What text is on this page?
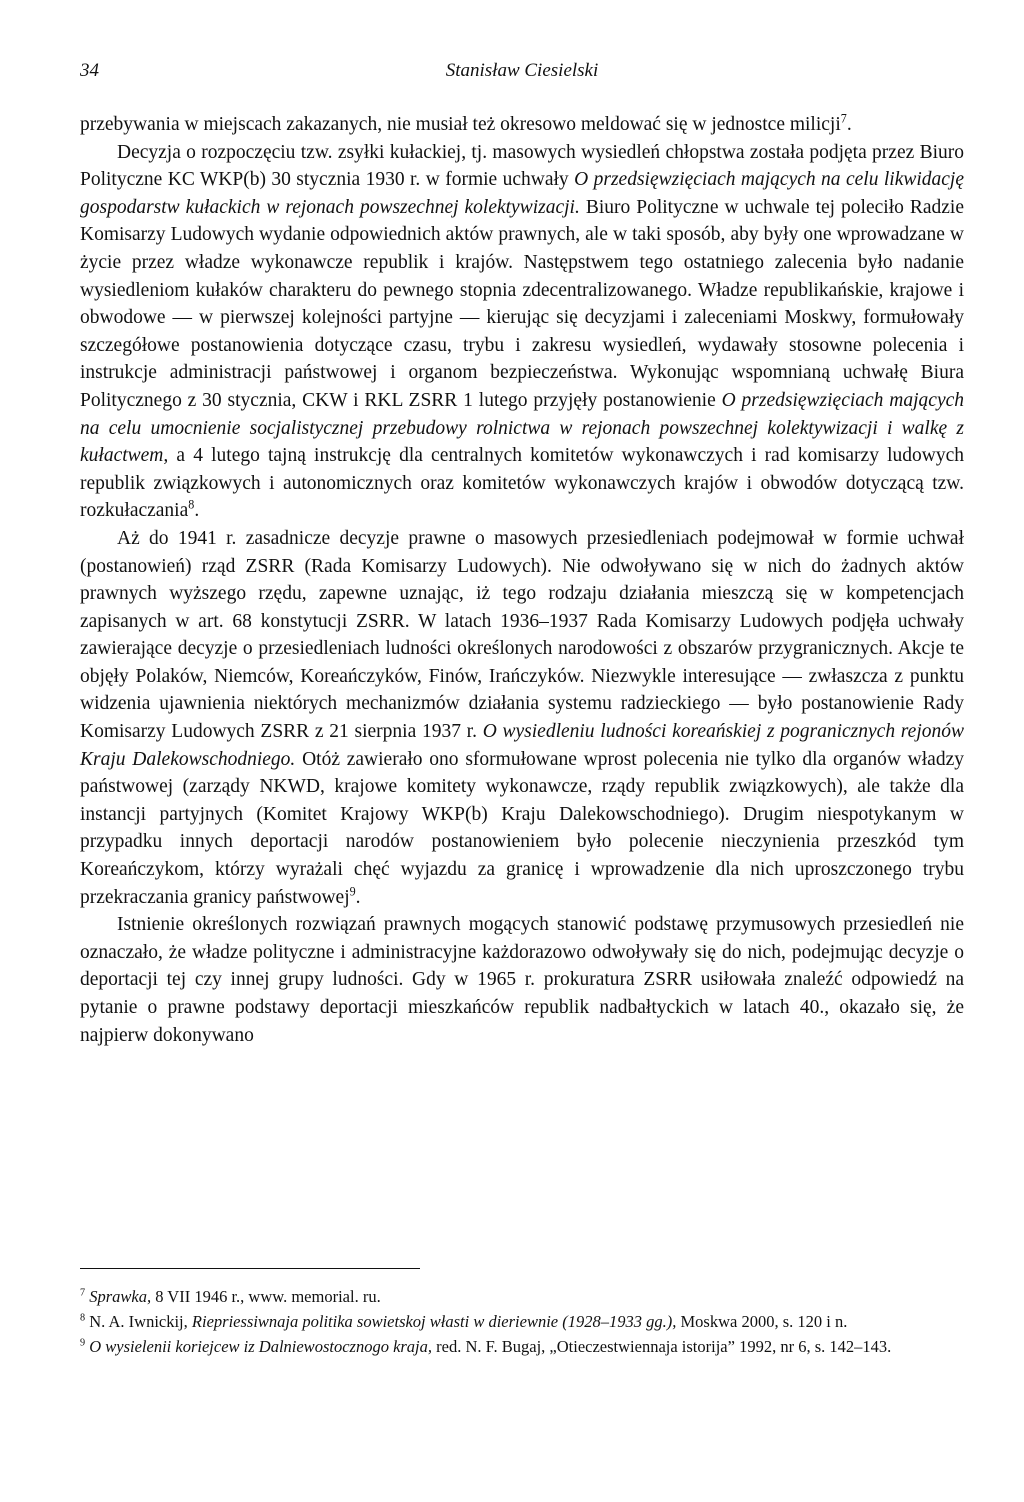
34	Stanisław Ciesielski

przebywania w miejscach zakazanych, nie musiał też okresowo meldować się w jednostce milicji$^7$.

Decyzja o rozpoczęciu tzw. zsyłki kułackiej, tj. masowych wysiedleń chłopstwa została podjęta przez Biuro Polityczne KC WKP(b) 30 stycznia 1930 r. w formie uchwały O przedsięwzięciach mających na celu likwidację gospodarstw kułackich w rejonach powszechnej kolektywizacji. Biuro Polityczne w uchwale tej poleciło Radzie Komisarzy Ludowych wydanie odpowiednich aktów prawnych, ale w taki sposób, aby były one wprowadzane w życie przez władze wykonawcze republik i krajów. Następstwem tego ostatniego zalecenia było nadanie wysiedleniom kułaków charakteru do pewnego stopnia zdecentralizowanego. Władze republikańskie, krajowe i obwodowe — w pierwszej kolejności partyjne — kierując się decyzjami i zaleceniami Moskwy, formułowały szczegółowe postanowienia dotyczące czasu, trybu i zakresu wysiedleń, wydawały stosowne polecenia i instrukcje administracji państwowej i organom bezpieczeństwa. Wykonując wspomnianą uchwałę Biura Politycznego z 30 stycznia, CKW i RKL ZSRR 1 lutego przyjęły postanowienie O przedsięwzięciach mających na celu umocnienie socjalistycznej przebudowy rolnictwa w rejonach powszechnej kolektywizacji i walkę z kułactwem, a 4 lutego tajną instrukcję dla centralnych komitetów wykonawczych i rad komisarzy ludowych republik związkowych i autonomicznych oraz komitetów wykonawczych krajów i obwodów dotyczącą tzw. rozkułaczania$^8$.

Aż do 1941 r. zasadnicze decyzje prawne o masowych przesiedleniach podejmował w formie uchwał (postanowień) rząd ZSRR (Rada Komisarzy Ludowych). Nie odwoływano się w nich do żadnych aktów prawnych wyższego rzędu, zapewne uznając, iż tego rodzaju działania mieszczą się w kompetencjach zapisanych w art. 68 konstytucji ZSRR. W latach 1936–1937 Rada Komisarzy Ludowych podjęła uchwały zawierające decyzje o przesiedleniach ludności określonych narodowości z obszarów przygranicznych. Akcje te objęły Polaków, Niemców, Koreańczyków, Finów, Irańczyków. Niezwykle interesujące — zwłaszcza z punktu widzenia ujawnienia niektórych mechanizmów działania systemu radzieckiego — było postanowienie Rady Komisarzy Ludowych ZSRR z 21 sierpnia 1937 r. O wysiedleniu ludności koreańskiej z pogranicznych rejonów Kraju Dalekowschodniego. Otóż zawierało ono sformułowane wprost polecenia nie tylko dla organów władzy państwowej (zarządy NKWD, krajowe komitety wykonawcze, rządy republik związkowych), ale także dla instancji partyjnych (Komitet Krajowy WKP(b) Kraju Dalekowschodniego). Drugim niespotykanym w przypadku innych deportacji narodów postanowieniem było polecenie nieczynienia przeszkód tym Koreańczykom, którzy wyrażali chęć wyjazdu za granicę i wprowadzenie dla nich uproszczonego trybu przekraczania granicy państwowej$^9$.

Istnienie określonych rozwiązań prawnych mogących stanowić podstawę przymusowych przesiedleń nie oznaczało, że władze polityczne i administracyjne każdorazowo odwoływały się do nich, podejmując decyzje o deportacji tej czy innej grupy ludności. Gdy w 1965 r. prokuratura ZSRR usiłowała znaleźć odpowiedź na pytanie o prawne podstawy deportacji mieszkańców republik nadbałtyckich w latach 40., okazało się, że najpierw dokonywano

$^7$ Sprawka, 8 VII 1946 r., www. memorial. ru.

$^8$ N. A. Iwnickij, Riepriessiwnaja politika sowietskoj własti w dieriewnie (1928–1933 gg.), Moskwa 2000, s. 120 i n.

$^9$ O wysielenii koriejcew iz Dalniewostocznogo kraja, red. N. F. Bugaj, „Otieczestwiennaja istorija” 1992, nr 6, s. 142–143.
